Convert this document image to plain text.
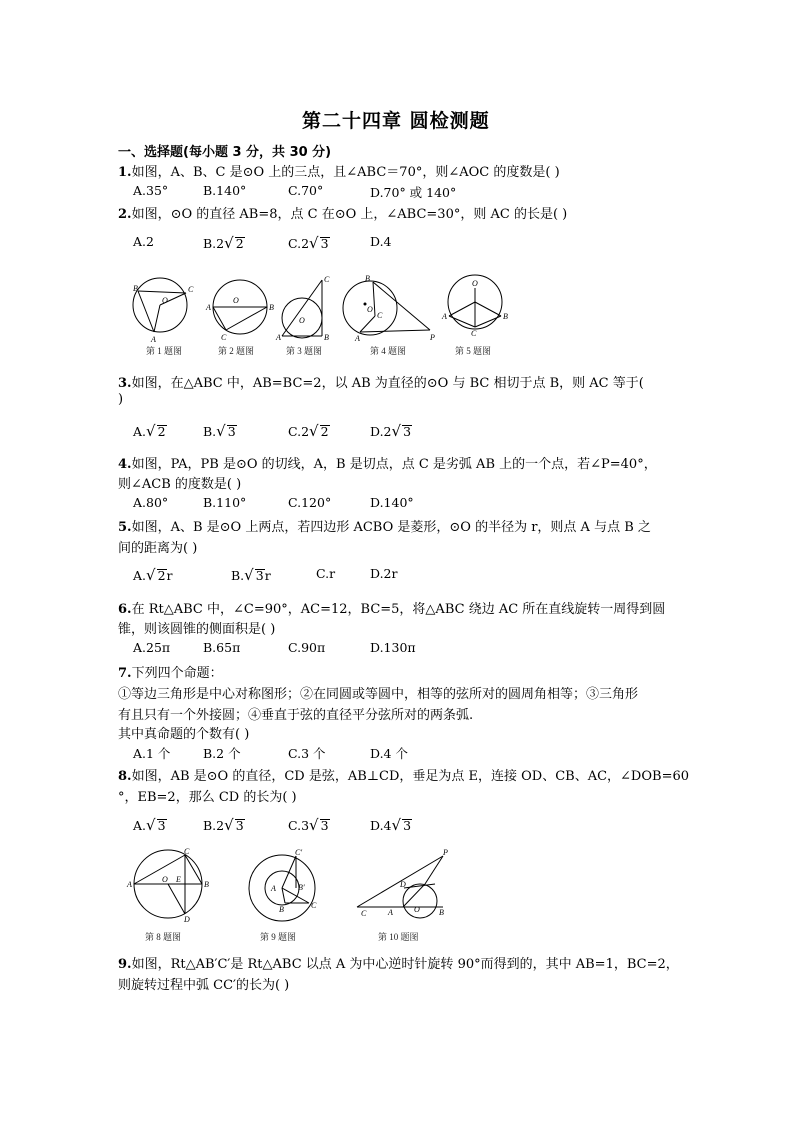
第二十四章 圆检测题
一、选择题(每小题 3 分，共 30 分)
1.如图，A、B、C 是⊙O 上的三点，且∠ABC＝70°，则∠AOC 的度数是( )
A.35°	B.140°	C.70°	D.70° 或 140°
2.如图，⊙O 的直径 AB=8，点 C 在⊙O 上，∠ABC=30°，则 AC 的长是( )
A.2	B.2√ 2	C.2√ 3	D.4
B	C
O
A
A	B
O
C
C
A	B
O
B
O
C
A	P
O
A	B
C
第 1 题图	第 2 题图	第 3 题图	第 4 题图	第 5 题图
3.如图，在△ABC 中，AB=BC=2，以 AB 为直径的⊙O 与 BC 相切于点 B，则 AC 等于(
)
A.√ 2	B.√ 3	C.2√ 2	D.2√ 3
4.如图，PA，PB 是⊙O 的切线，A，B 是切点，点 C 是劣弧 AB 上的一个点，若∠P=40°，
则∠ACB 的度数是( )
A.80°	B.110°	C.120°	D.140°
5.如图，A、B 是⊙O 上两点，若四边形 ACBO 是菱形，⊙O 的半径为 r，则点 A 与点 B 之
间的距离为( )
A.√ 2r	B.√ 3r	C.r	D.2r
6.在 Rt△ABC 中，∠C=90°，AC=12，BC=5，将△ABC 绕边 AC 所在直线旋转一周得到圆
锥，则该圆锥的侧面积是( )
A.25π	B.65π	C.90π	D.130π
7.下列四个命题：
①等边三角形是中心对称图形；②在同圆或等圆中，相等的弦所对的圆周角相等；③三角形
有且只有一个外接圆；④垂直于弦的直径平分弦所对的两条弧.
其中真命题的个数有( )
A.1 个	B.2 个	C.3 个	D.4 个
8.如图，AB 是⊙O 的直径，CD 是弦，AB⊥CD，垂足为点 E，连接 OD、CB、AC，∠DOB=60
°，EB=2，那么 CD 的长为( )
A.√ 3	B.2√ 3	C.3√ 3	D.4√ 3
A	B
O E
C
D
C′
A	B′
B	C
C	A	O B
D
P
第 8 题图	第 9 题图	第 10 题图
9.如图，Rt△AB′C′是 Rt△ABC 以点 A 为中心逆时针旋转 90°而得到的，其中 AB=1，BC=2，
则旋转过程中弧 CC′的长为( )
